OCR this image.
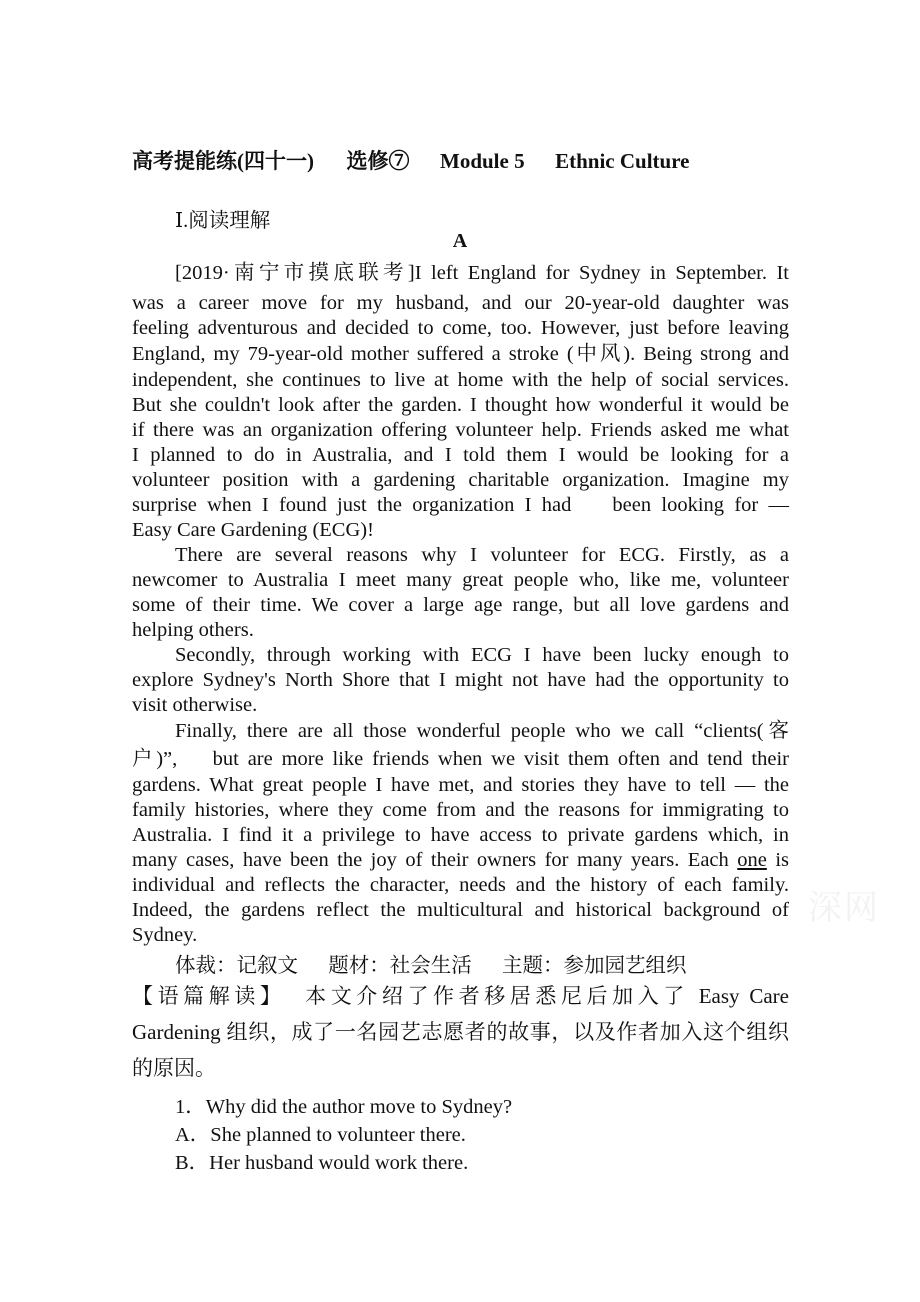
高考提能练(四十一) 选修⑦ Module 5 Ethnic Culture
Ⅰ.阅读理解
A
[2019·南宁市摸底联考]I left England for Sydney in September. It
was a career move for my husband, and our 20-year-old daughter was
feeling adventurous and decided to come, too. However, just before leaving
England, my 79-year-old mother suffered a stroke (中风). Being strong and
independent, she continues to live at home with the help of social services.
But she couldn't look after the garden. I thought how wonderful it would be
if there was an organization offering volunteer help. Friends asked me what
I planned to do in Australia, and I told them I would be looking for a
volunteer position with a gardening charitable organization. Imagine my
surprise when I found just the organization I had    been looking for —
Easy Care Gardening (ECG)!
There are several reasons why I volunteer for ECG. Firstly, as a
newcomer to Australia I meet many great people who, like me, volunteer
some of their time. We cover a large age range, but all love gardens and
helping others.
Secondly, through working with ECG I have been lucky enough to
explore Sydney's North Shore that I might not have had the opportunity to
visit otherwise.
Finally, there are all those wonderful people who we call “clients(客
户)”,    but are more like friends when we visit them often and tend their
gardens. What great people I have met, and stories they have to tell — the
family histories, where they come from and the reasons for immigrating to
Australia. I find it a privilege to have access to private gardens which, in
many cases, have been the joy of their owners for many years. Each one is
individual and reflects the character, needs and the history of each family.
Indeed, the gardens reflect the multicultural and historical background of
Sydney.
体裁：记叙文 题材：社会生活 主题：参加园艺组织
【语篇解读】  本文介绍了作者移居悉尼后加入了 Easy Care
Gardening 组织，成了一名园艺志愿者的故事，以及作者加入这个组织
的原因。
1．Why did the author move to Sydney?
A．She planned to volunteer there.
B．Her husband would work there.
深网
